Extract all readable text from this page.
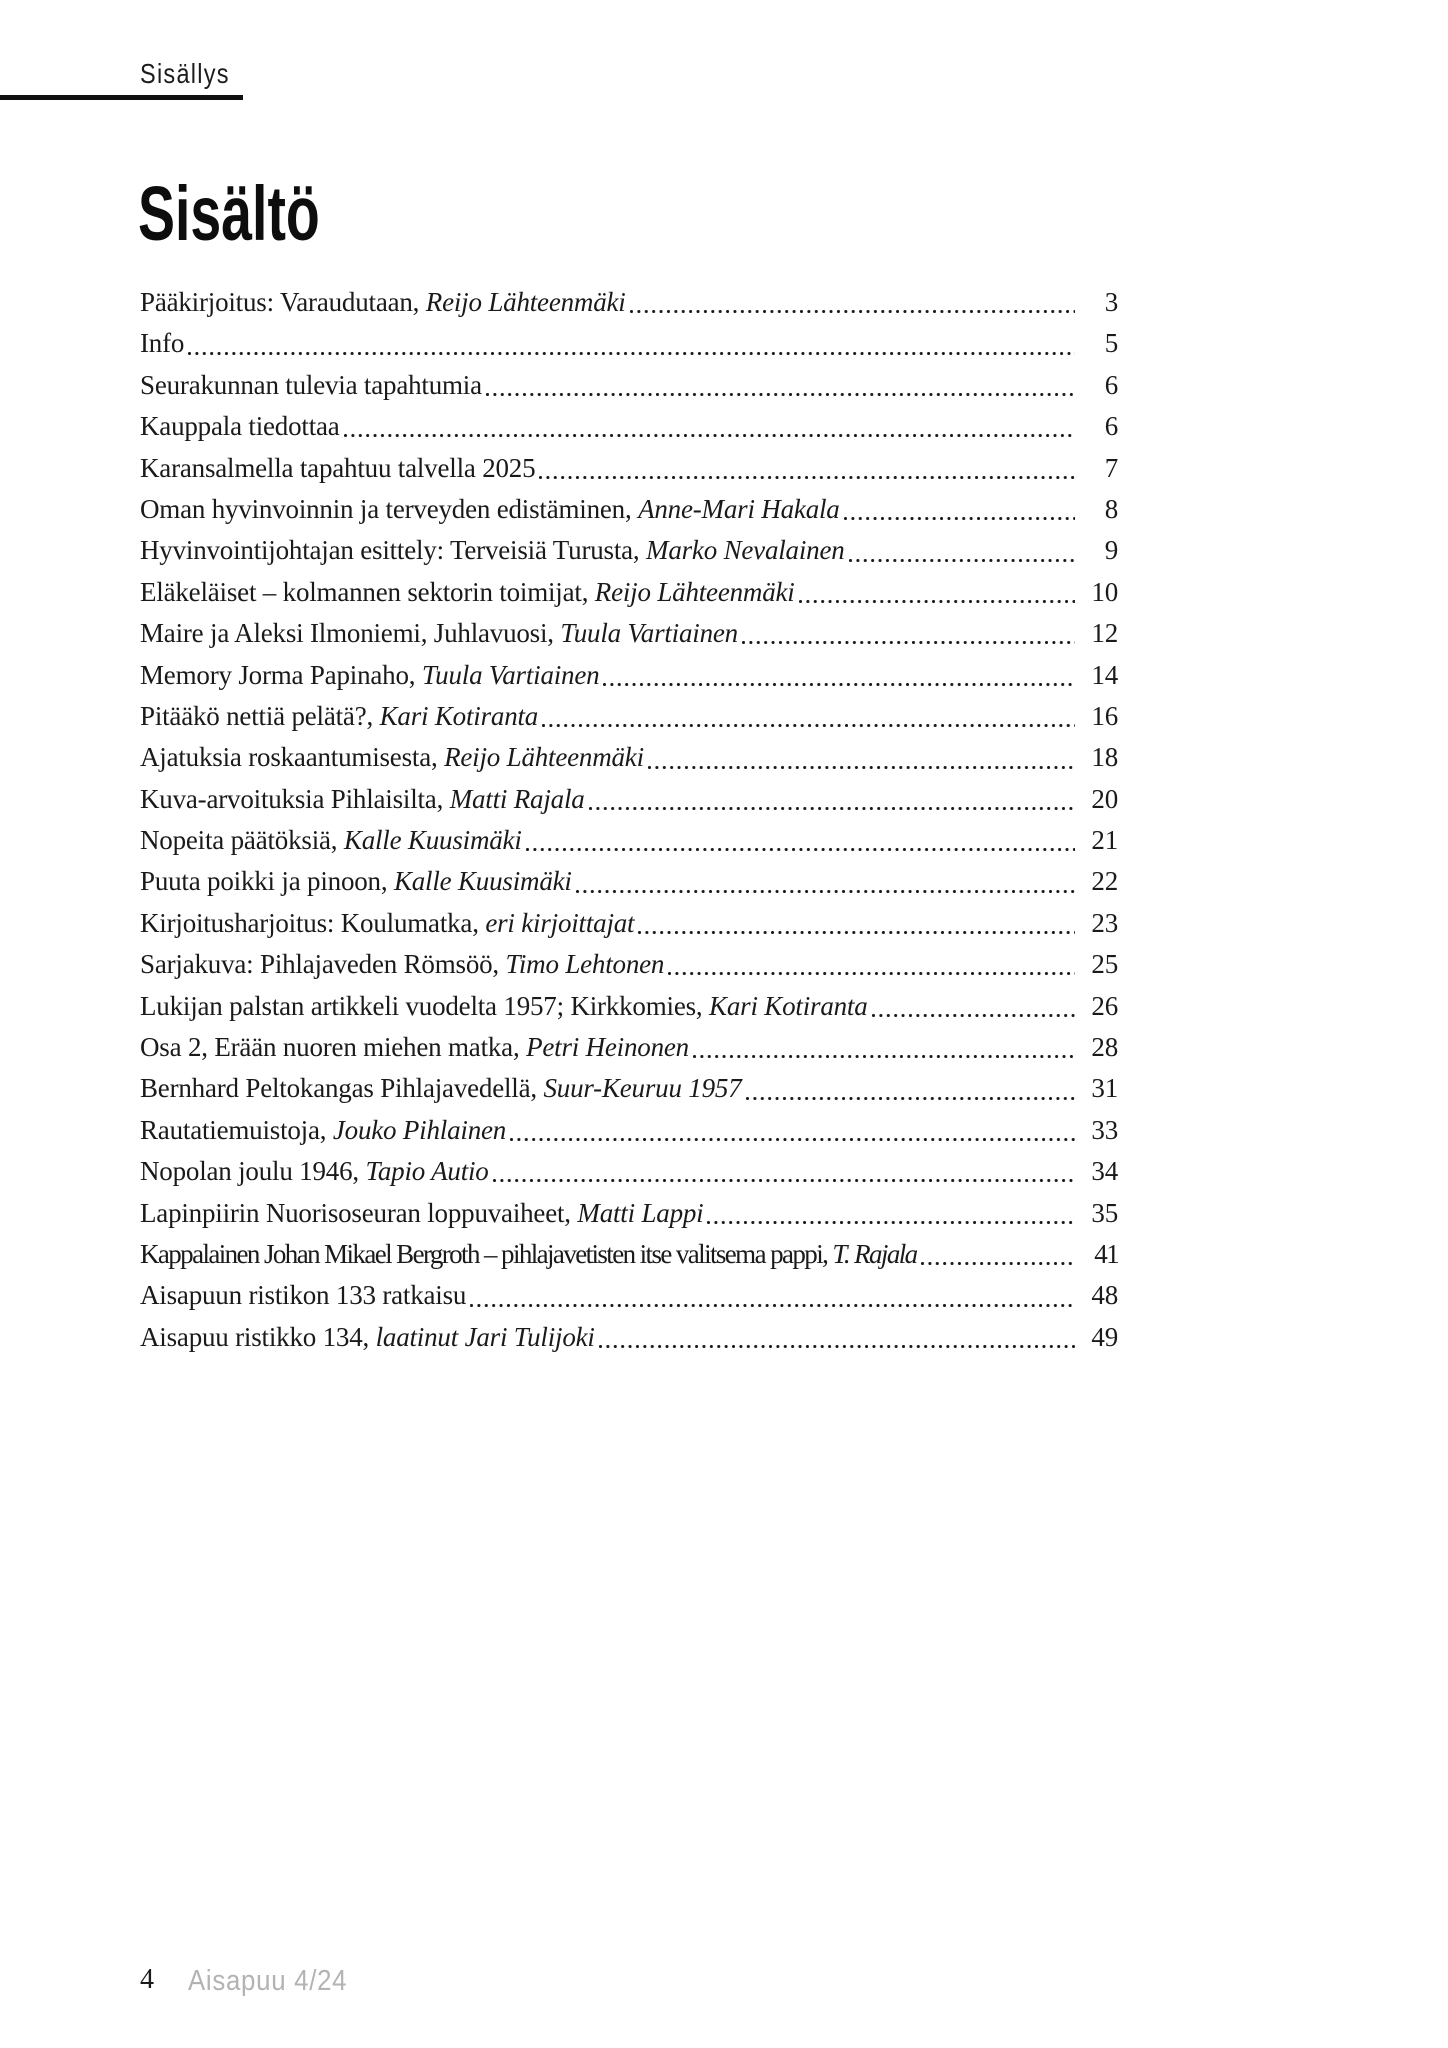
Sisällys
Sisältö
Pääkirjoitus: Varaudutaan, Reijo Lähteenmäki	3
Info	5
Seurakunnan tulevia tapahtumia	6
Kauppala tiedottaa	6
Karansalmella tapahtuu talvella 2025	7
Oman hyvinvoinnin ja terveyden edistäminen, Anne-Mari Hakala	8
Hyvinvointijohtajan esittely: Terveisiä Turusta, Marko Nevalainen	9
Eläkeläiset – kolmannen sektorin toimijat, Reijo Lähteenmäki	10
Maire ja Aleksi Ilmoniemi, Juhlavuosi, Tuula Vartiainen	12
Memory Jorma Papinaho, Tuula Vartiainen	14
Pitääkö nettiä pelätä?, Kari Kotiranta	16
Ajatuksia roskaantumisesta, Reijo Lähteenmäki	18
Kuva-arvoituksia Pihlaisilta, Matti Rajala	20
Nopeita päätöksiä, Kalle Kuusimäki	21
Puuta poikki ja pinoon, Kalle Kuusimäki	22
Kirjoitusharjoitus: Koulumatka, eri kirjoittajat	23
Sarjakuva: Pihlajaveden Römsöö, Timo Lehtonen	25
Lukijan palstan artikkeli vuodelta 1957; Kirkkomies, Kari Kotiranta	26
Osa 2, Erään nuoren miehen matka, Petri Heinonen	28
Bernhard Peltokangas Pihlajavedellä, Suur-Keuruu 1957	31
Rautatiemuistoja, Jouko Pihlainen	33
Nopolan joulu 1946, Tapio Autio	34
Lapinpiirin Nuorisoseuran loppuvaiheet, Matti Lappi	35
Kappalainen Johan Mikael Bergroth – pihlajavetisten itse valitsema pappi, T. Rajala	41
Aisapuun ristikon 133 ratkaisu	48
Aisapuu ristikko 134, laatinut Jari Tulijoki	49
4 Aisapuu 4/24
